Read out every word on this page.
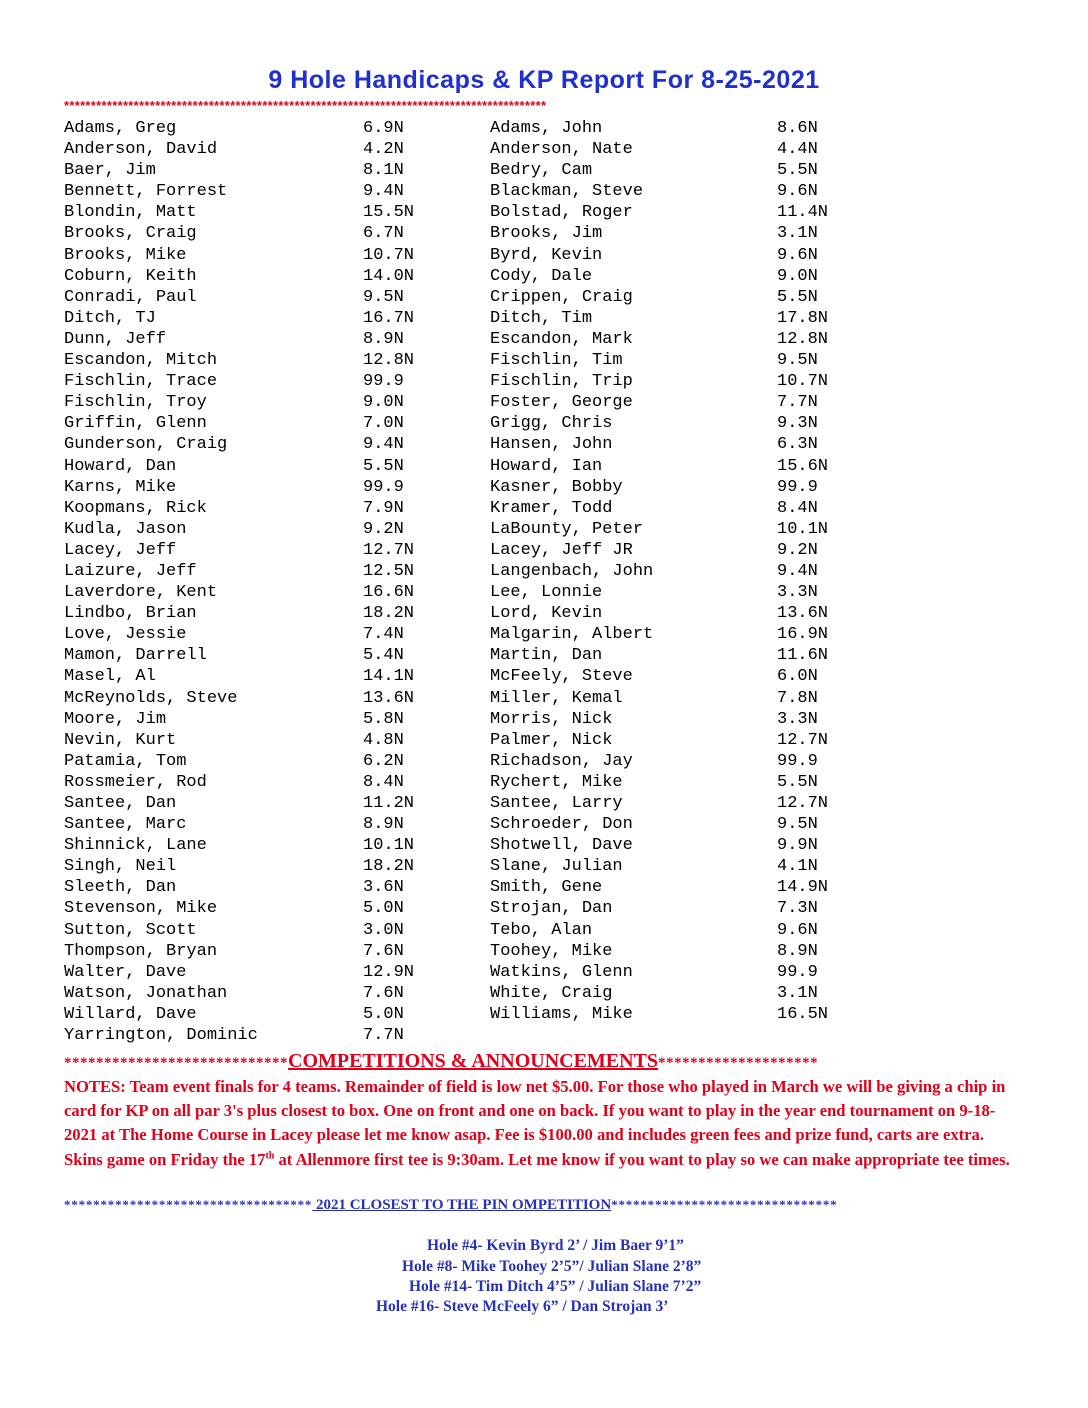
9 Hole Handicaps & KP Report For 8-25-2021
******************************************************************************************
Adams, Greg	6.9N	Adams, John	8.6N
Anderson, David	4.2N	Anderson, Nate	4.4N
Baer, Jim	8.1N	Bedry, Cam	5.5N
Bennett, Forrest	9.4N	Blackman, Steve	9.6N
Blondin, Matt	15.5N	Bolstad, Roger	11.4N
Brooks, Craig	6.7N	Brooks, Jim	3.1N
Brooks, Mike	10.7N	Byrd, Kevin	9.6N
Coburn, Keith	14.0N	Cody, Dale	9.0N
Conradi, Paul	9.5N	Crippen, Craig	5.5N
Ditch, TJ	16.7N	Ditch, Tim	17.8N
Dunn, Jeff	8.9N	Escandon, Mark	12.8N
Escandon, Mitch	12.8N	Fischlin, Tim	9.5N
Fischlin, Trace	99.9	Fischlin, Trip	10.7N
Fischlin, Troy	9.0N	Foster, George	7.7N
Griffin, Glenn	7.0N	Grigg, Chris	9.3N
Gunderson, Craig	9.4N	Hansen, John	6.3N
Howard, Dan	5.5N	Howard, Ian	15.6N
Karns, Mike	99.9	Kasner, Bobby	99.9
Koopmans, Rick	7.9N	Kramer, Todd	8.4N
Kudla, Jason	9.2N	LaBounty, Peter	10.1N
Lacey, Jeff	12.7N	Lacey, Jeff JR	9.2N
Laizure, Jeff	12.5N	Langenbach, John	9.4N
Laverdore, Kent	16.6N	Lee, Lonnie	3.3N
Lindbo, Brian	18.2N	Lord, Kevin	13.6N
Love, Jessie	7.4N	Malgarin, Albert	16.9N
Mamon, Darrell	5.4N	Martin, Dan	11.6N
Masel, Al	14.1N	McFeely, Steve	6.0N
McReynolds, Steve	13.6N	Miller, Kemal	7.8N
Moore, Jim	5.8N	Morris, Nick	3.3N
Nevin, Kurt	4.8N	Palmer, Nick	12.7N
Patamia, Tom	6.2N	Richadson, Jay	99.9
Rossmeier, Rod	8.4N	Rychert, Mike	5.5N
Santee, Dan	11.2N	Santee, Larry	12.7N
Santee, Marc	8.9N	Schroeder, Don	9.5N
Shinnick, Lane	10.1N	Shotwell, Dave	9.9N
Singh, Neil	18.2N	Slane, Julian	4.1N
Sleeth, Dan	3.6N	Smith, Gene	14.9N
Stevenson, Mike	5.0N	Strojan, Dan	7.3N
Sutton, Scott	3.0N	Tebo, Alan	9.6N
Thompson, Bryan	7.6N	Toohey, Mike	8.9N
Walter, Dave	12.9N	Watkins, Glenn	99.9
Watson, Jonathan	7.6N	White, Craig	3.1N
Willard, Dave	5.0N	Williams, Mike	16.5N
Yarrington, Dominic	7.7N
****************************COMPETITIONS & ANNOUNCEMENTS********************
NOTES: Team event finals for 4 teams. Remainder of field is low net $5.00. For those who played in March we will be giving a chip in card for KP on all par 3's plus closest to box. One on front and one on back. If you want to play in the year end tournament on 9-18-2021 at The Home Course in Lacey please let me know asap. Fee is $100.00 and includes green fees and prize fund, carts are extra. Skins game on Friday the 17th at Allenmore first tee is 9:30am. Let me know if you want to play so we can make appropriate tee times.
********************************** 2021 CLOSEST TO THE PIN OMPETITION*******************************
Hole #4- Kevin Byrd 2’ / Jim Baer 9’1”
Hole #8- Mike Toohey 2’5”/ Julian Slane 2’8”
Hole #14- Tim Ditch 4’5” / Julian Slane 7’2”
Hole #16- Steve McFeely 6” / Dan Strojan 3’
